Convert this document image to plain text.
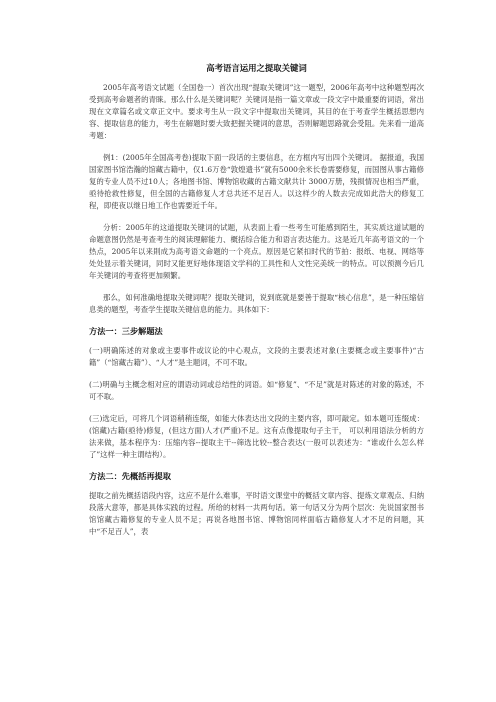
高考语言运用之提取关键词

2005年高考语文试题（全国卷一）首次出现“提取关键词”这一题型，2006年高考中这种题型再次受到高考命题者的青睐。那么什么是关键词呢？关键词是指一篇文章或一段文字中最重要的词语，常出现在文章篇名或文章正文中。要求考生从一段文字中提取出关键词，其目的在于考查学生概括思想内容、提取信息的能力，考生在解题时要大致把握关键词的意思，否则解题思路就会受阻。先来看一道高考题：

例1：(2005年全国高考卷)提取下面一段话的主要信息，在方框内写出四个关键词。 据报道，我国国家图书馆浩瀚的馆藏古籍中，仅1.6万卷“敦煌遗书”就有5000余米长卷需要修复，而国图从事古籍修复的专业人员不过10人；各地图书馆、博物馆收藏的古籍文献共计 3000万册，残损情况也相当严重，亟待抢救性修复，但全国的古籍修复人才总共还不足百人。以这样少的人数去完成如此浩大的修复工程，即使夜以继日地工作也需要近千年。

分析：2005年的这道提取关键词的试题，从表面上看一些考生可能感到陌生，其实质这道试题的命题意图仍然是考查考生的阅读理解能力、概括综合能力和语言表达能力。这是近几年高考语文的一个热点，2005年以来則成为高考语文命题的一个亮点。原因是它紧扣时代的节拍：报纸、电视、网络等处处显示着关键词，同时又能更好地体现语文学科的工具性和人文性完美统一的特点。可以预测今后几年关键词的考查将更加频繁。

那么，如何准确地提取关键词呢？提取关键词，说到底就是要善于提取“核心信息”，是一种压缩信息类的题型，考查学生提取关键信息的能力。具体如下：

方法一：三步解题法

(一)明确陈述的对象或主要事件或议论的中心观点，文段的主要表述对象(主要概念或主要事件)“古籍”（“馆藏古籍”）、“人才”是主题词，不可不取。

(二)明确与主概念相对应的谓语动词或总结性的词语。如“修复”、“不足”就是对陈述的对象的陈述，不可不取。

(三)选定后，可将几个词语稍稍连缀，如能大体表达出文段的主要内容，即可敲定。如本题可连缀成：(馆藏)古籍(亟待)修复，(但这方面)人才(严重)不足。这有点像提取句子主干， 可以利用语法分析的方法来做，基本程序为：压缩内容--提取主干--筛选比较--整合表达(一般可以表述为：“谁或什么怎么样了”这样一种主谓结构）。

方法二：先概括再提取

提取之前先概括语段内容，这应不是什么难事，平时语文课堂中的概括文章内容、提炼文章观点、归纳段落大意等，都是具体实践的过程。所给的材料一共两句话。第一句话又分为两个层次：先说国家图书馆馆藏古籍修复的专业人员不足；再说各地图书馆、博物馆同样面临古籍修复人才不足的问题，其中“不足百人”，表
